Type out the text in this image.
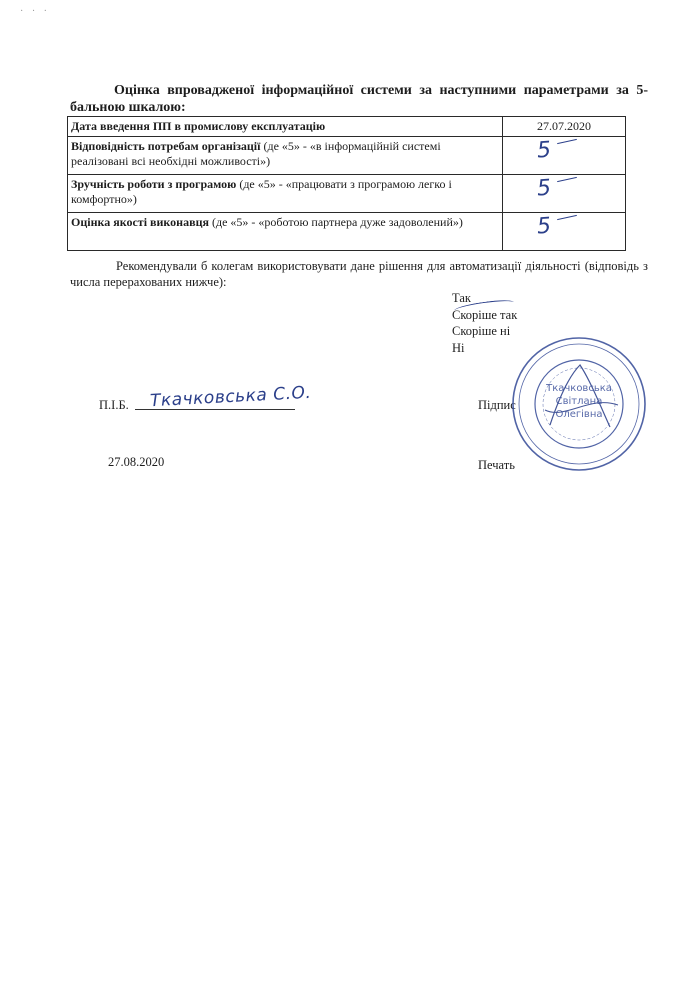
· · ·

Оцінка впровадженої інформаційної системи за наступними параметрами за 5-бальною шкалою:

Дата введення ПП в промислову експлуатацію	27.07.2020
Відповідність потребам організації (де «5» - «в інформаційній системі реалізовані всі необхідні можливості»)	5

Зручність роботи з програмою (де «5» - «працювати з програмою легко і комфортно»)	5

Оцінка якості виконавця (де «5» - «роботою партнера дуже задоволений»)	5

Рекомендували б колегам використовувати дане рішення для автоматизації діяльності (відповідь з числа перерахованих нижче):

Так
Скоріше так
Скоріше ні
Ні
П.І.Б. Ткачковська С.О.	Підпис
27.08.2020	Печать
Ткачковська Світлана Олегівна
